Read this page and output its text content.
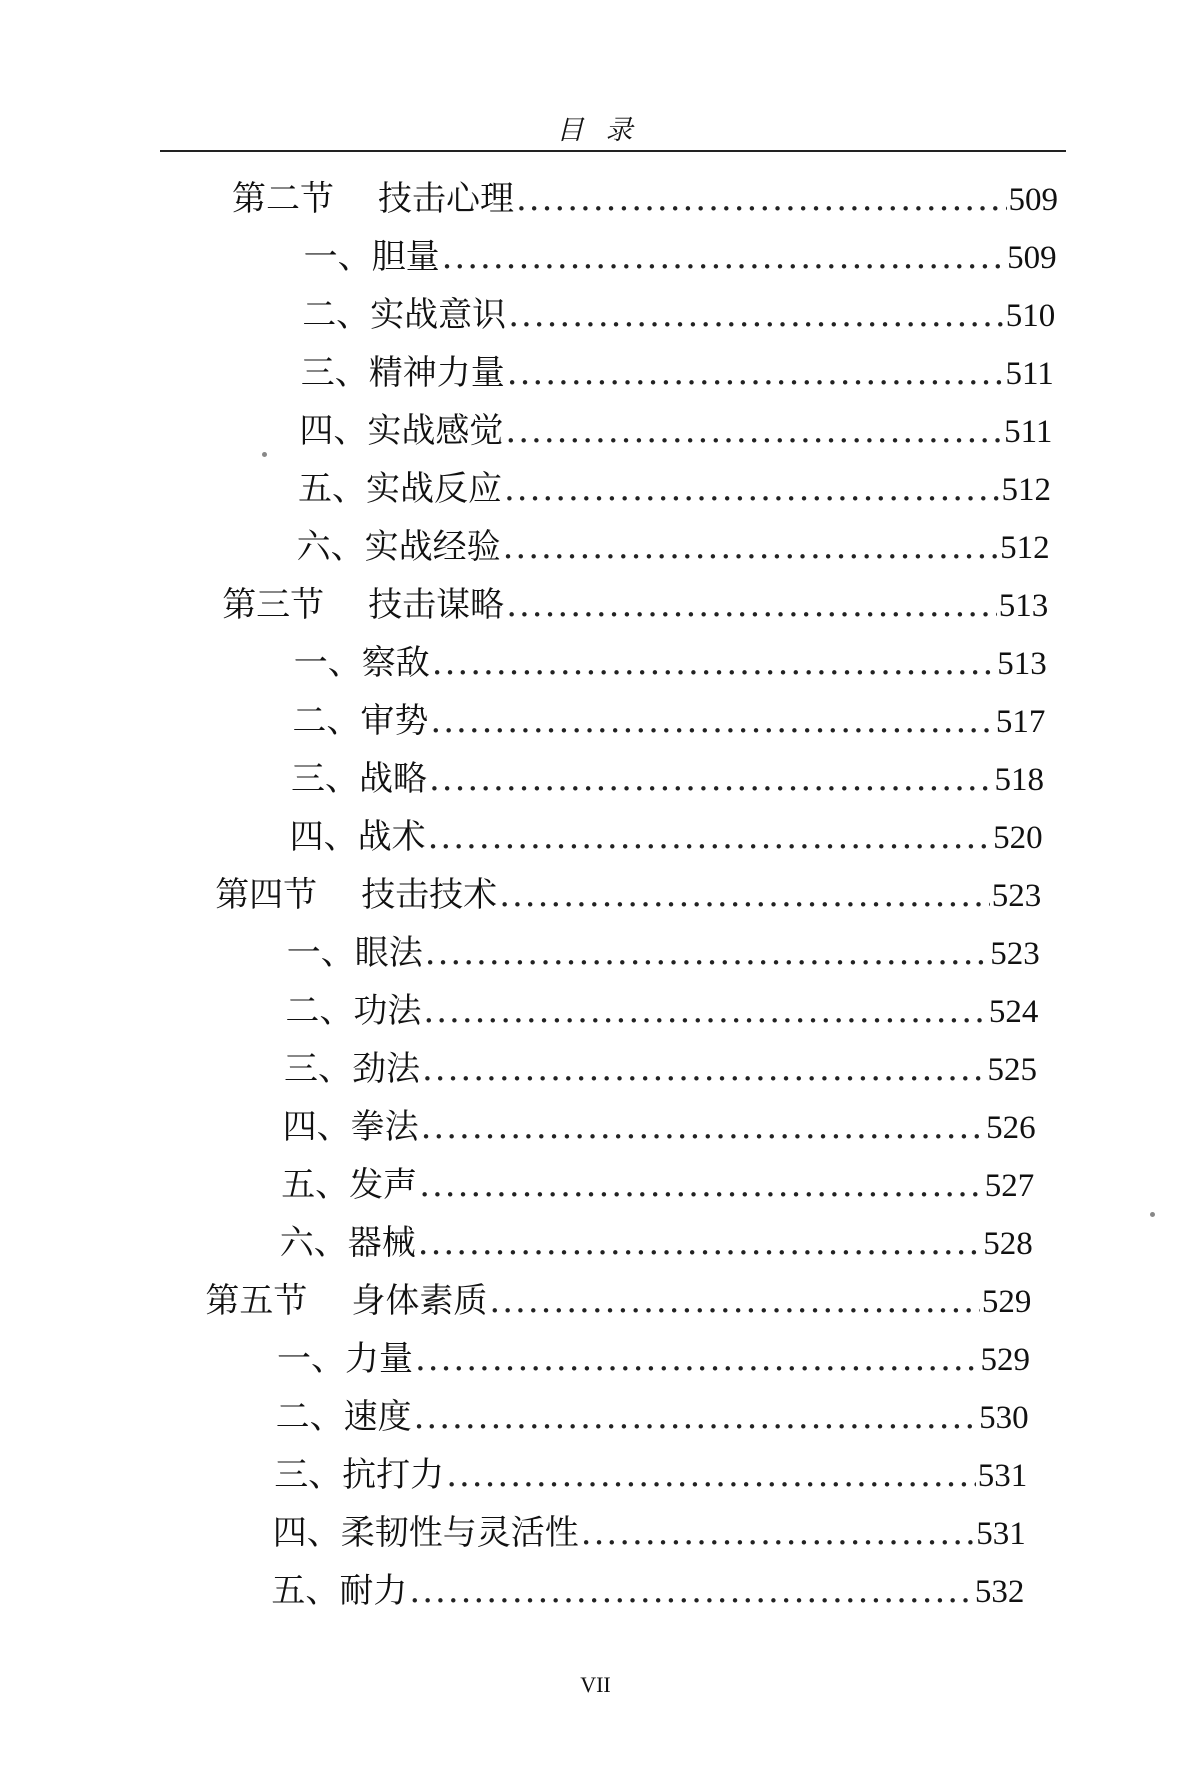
目录
第二节	技击心理 .....	509
一、胆量 .....	509
二、实战意识 .....	510
三、精神力量 .....	511
四、实战感觉 .....	511
五、实战反应 .....	512
六、实战经验 .....	512
第三节	技击谋略 .....	513
一、察敌 .....	513
二、审势 .....	517
三、战略 .....	518
四、战术 .....	520
第四节	技击技术 .....	523
一、眼法 .....	523
二、功法 .....	524
三、劲法 .....	525
四、拳法 .....	526
五、发声 .....	527
六、器械 .....	528
第五节	身体素质 .....	529
一、力量 .....	529
二、速度 .....	530
三、抗打力 .....	531
四、柔韧性与灵活性 .....	531
五、耐力 .....	532
VII
